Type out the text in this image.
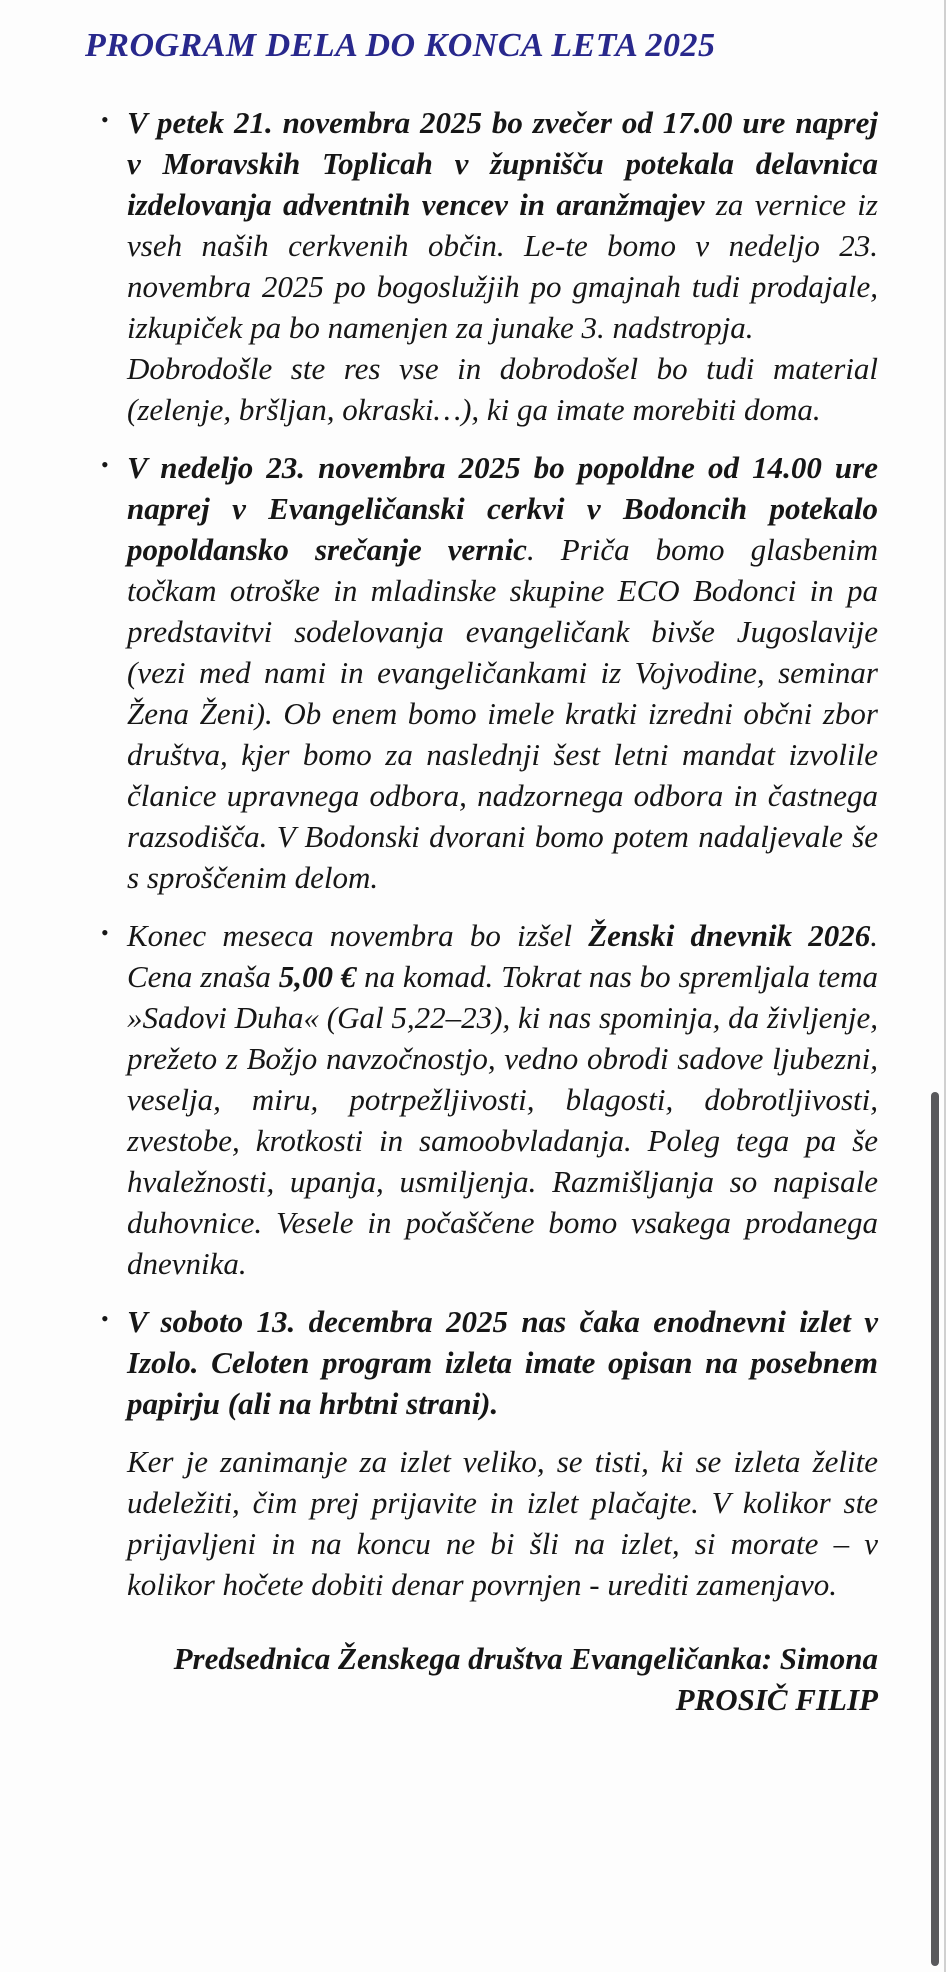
PROGRAM DELA DO KONCA LETA 2025
• V petek 21. novembra 2025 bo zvečer od 17.00 ure naprej v Moravskih Toplicah v župnišču potekala delavnica izdelovanja adventnih vencev in aranžmajev za vernice iz vseh naših cerkvenih občin. Le-te bomo v nedeljo 23. novembra 2025 po bogoslužjih po gmajnah tudi prodajale, izkupiček pa bo namenjen za junake 3. nadstropja.

Dobrodošle ste res vse in dobrodošel bo tudi material (zelenje, bršljan, okraski…), ki ga imate morebiti doma.

• V nedeljo 23. novembra 2025 bo popoldne od 14.00 ure naprej v Evangeličanski cerkvi v Bodoncih potekalo popoldansko srečanje vernic. Priča bomo glasbenim točkam otroške in mladinske skupine ECO Bodonci in pa predstavitvi sodelovanja evangeličank bivše Jugoslavije (vezi med nami in evangeličankami iz Vojvodine, seminar Žena Ženi). Ob enem bomo imele kratki izredni občni zbor društva, kjer bomo za naslednji šest letni mandat izvolile članice upravnega odbora, nadzornega odbora in častnega razsodišča. V Bodonski dvorani bomo potem nadaljevale še s sproščenim delom.

• Konec meseca novembra bo izšel Ženski dnevnik 2026. Cena znaša 5,00 € na komad. Tokrat nas bo spremljala tema »Sadovi Duha« (Gal 5,22–23), ki nas spominja, da življenje, prežeto z Božjo navzočnostjo, vedno obrodi sadove ljubezni, veselja, miru, potrpežljivosti, blagosti, dobrotljivosti, zvestobe, krotkosti in samoobvladanja. Poleg tega pa še hvaležnosti, upanja, usmiljenja. Razmišljanja so napisale duhovnice. Vesele in počaščene bomo vsakega prodanega dnevnika.

• V soboto 13. decembra 2025 nas čaka enodnevni izlet v Izolo. Celoten program izleta imate opisan na posebnem papirju (ali na hrbtni strani).

Ker je zanimanje za izlet veliko, se tisti, ki se izleta želite udeležiti, čim prej prijavite in izlet plačajte. V kolikor ste prijavljeni in na koncu ne bi šli na izlet, si morate – v kolikor hočete dobiti denar povrnjen - urediti zamenjavo.

Predsednica Ženskega društva Evangeličanka: Simona

PROSIČ FILIP
